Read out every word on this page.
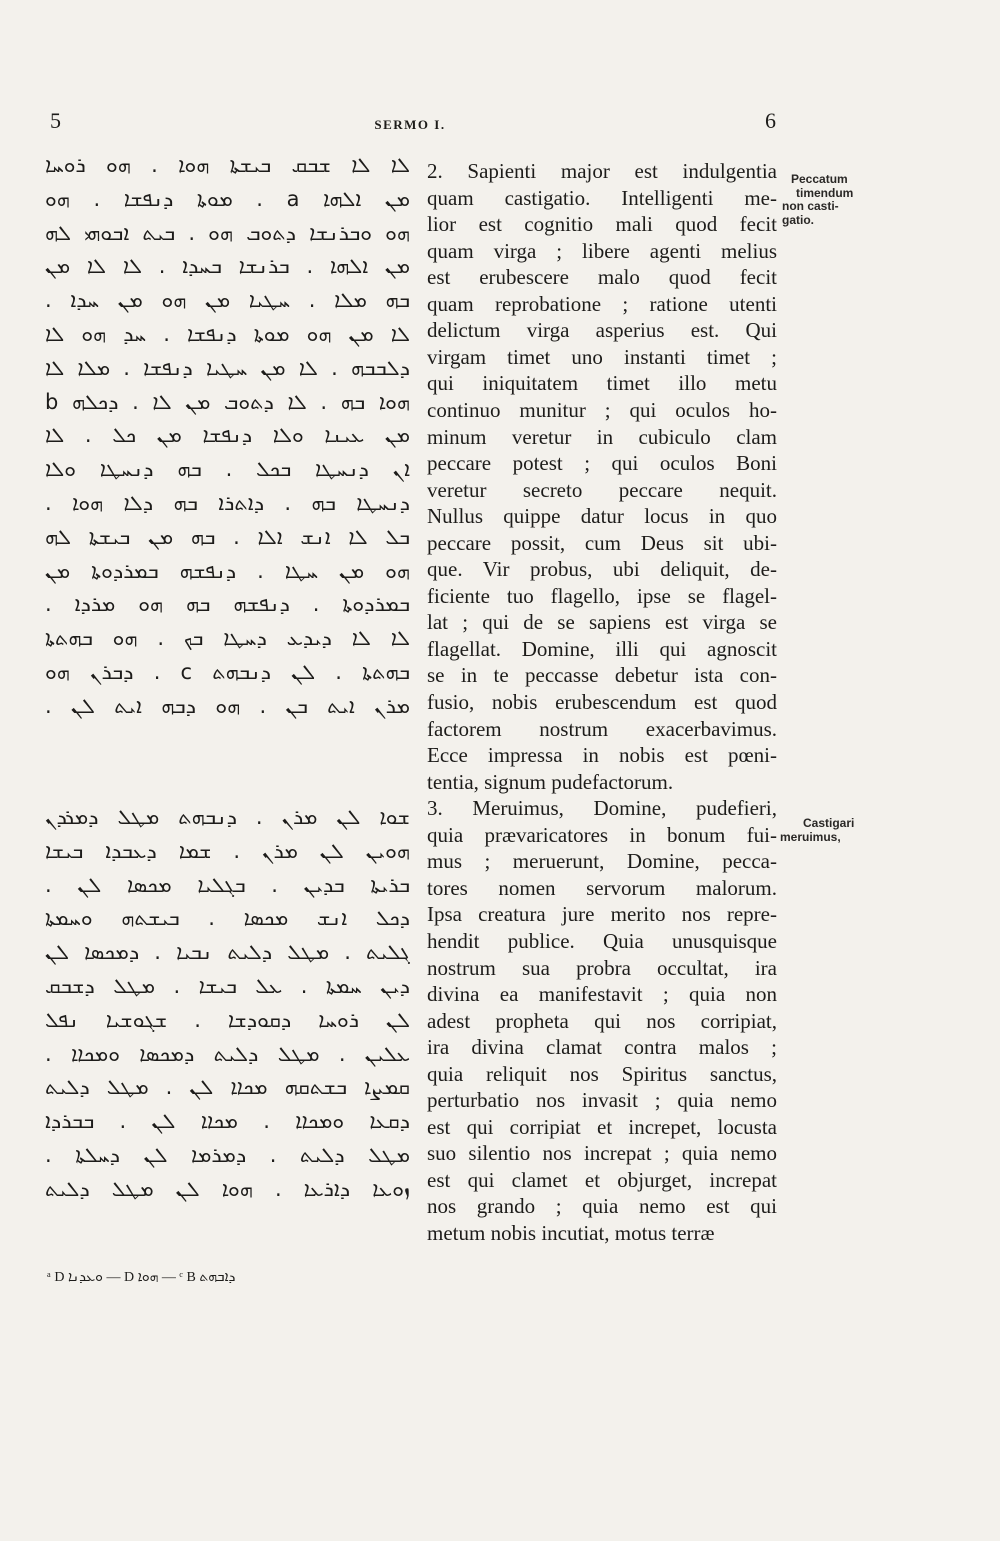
5	SERMO I.	6
ܠܐ ܠܐ ܫܒܩ ܒܝܫܬܐ ܗܘܐ . ܗܘ ܪܘܚܐ
ܡܢ ܐܠܗܐ a . ܡܘܬܐ ܕܢܦܫܐ . ܗܘ
ܗܘ ܘܒܪܢܫܐ ܕܬܘܒ ܗܘ . ܒܝܬ ܐܒܘܗܝ ܠܗ
ܡܢ ܐܠܗܐ . ܒܪܢܫܐ ܒܚܕܐ . ܠܐ ܠܐ ܡܢ
ܒܗ ܡܠܐ . ܚܛܝܐ ܡܢ ܗܘ ܡܢ ܚܕܐ .
ܠܐ ܡܢ ܗܘ ܡܘܬܐ ܕܢܦܫܐ . ܚܕ ܗܘ ܠܐ
ܕܠܒܒܗ . ܠܐ ܡܢ ܚܛܝܐ ܕܢܦܫܐ . ܡܠܐ ܠܐ
ܗܘܐ ܒܗ . ܠܐ ܕܬܘܒ ܡܢ ܠܐ . ܕܟܠܗ b
ܡܢ ܥܝܢܐ ܘܠܐ ܕܢܦܫܐ ܡܢ ܟܠ . ܠܐ
ܐܢ ܕܢܚܛܐ ܒܟܠ . ܒܗ ܕܢܚܛܐ ܘܠܐ
ܕܢܚܛܐ ܒܗ . ܕܐܬܪܐ ܒܗ ܕܠܐ ܗܘܐ .
ܒܠ ܠܐ ܐܢܫ ܐܠܐ . ܒܗ ܡܢ ܒܝܫܬܐ ܠܗ
ܗܘ ܡܢ ܚܛܐ . ܕܢܦܫܗ ܒܡܪܕܘܬܐ ܡܢ
ܒܡܪܕܘܬܐ . ܕܢܦܫܗ ܒܗ ܗܘ ܡܪܕܐ .
ܠܐ ܠܐ ܕܝܕܥ ܕܚܛܐ ܒܟ . ܗܘ ܒܗܬܬܐ
ܒܗܬܬܐ . ܠܢ ܕܢܒܗܬ c . ܕܒܪܢ ܗܘ
ܡܪܢ ܐܝܬ ܒܢ . ܗܘ ܕܒܗ ܐܝܬ ܠܢ .
ܫܘܐ ܠܢ ܡܪܢ . ܕܢܒܗܬ ܡܛܠ ܕܡܪܕܢ
ܗܘܝܢ ܠܢ ܡܪܢ . ܫܡܐ ܕܥܒܕܐ ܒܝܫܐ
ܒܪܝܬܐ ܒܕܝܢ . ܒܓܠܝܐ ܡܟܣܐ ܠܢ .
ܕܟܠ ܐܢܫ ܡܟܣܐ . ܒܝܫܬܗ ܘܚܡܬܐ
ܓܠܝܬ . ܡܛܠ ܕܠܝܬ ܢܒܝܐ . ܕܡܟܣܐ ܠܢ
ܕܝܢ ܚܡܬܐ . ܥܠ ܒܝܫܐ . ܡܛܠ ܕܫܒܩ
ܠܢ ܪܘܚܐ ܕܩܘܕܫܐ . ܫܓܘܫܝܐ ܢܦܠ
ܥܠܝܢ . ܡܛܠ ܕܠܝܬ ܕܡܟܣܐ ܘܡܟܐܐ .
ܩܡܨܐ ܒܫܬܩܗ ܡܟܐܐ ܠܢ . ܡܛܠ ܕܠܝܬ
ܕܩܥܐ ܘܡܟܐܐ . ܡܟܐܐ ܠܢ . ܒܒܪܕܐ
ܡܛܠ ܕܠܝܬ . ܕܡܪܡܐ ܠܢ ܕܚܠܬܐ .
ܙܘܥܐ ܕܐܪܥܐ . ܗܘܐ ܠܢ ܡܛܠ ܕܠܝܬ
ᵃ D ܘܥܕܢܐ — D ܗܘܐ — ᶜ B ܕܐܒܗܬ
2. Sapienti major est indulgentia
quam castigatio. Intelligenti me-
lior est cognitio mali quod fecit
quam virga ; libere agenti melius
est erubescere malo quod fecit
quam reprobatione ; ratione utenti
delictum virga asperius est. Qui
virgam timet uno instanti timet ;
qui iniquitatem timet illo metu
continuo munitur ; qui oculos ho-
minum veretur in cubiculo clam
peccare potest ; qui oculos Boni
veretur secreto peccare nequit.
Nullus quippe datur locus in quo
peccare possit, cum Deus sit ubi-
que. Vir probus, ubi deliquit, de-
ficiente tuo flagello, ipse se flagel-
lat ; qui de se sapiens est virga se
flagellat. Domine, illi qui agnoscit
se in te peccasse debetur ista con-
fusio, nobis erubescendum est quod
factorem nostrum exacerbavimus.
Ecce impressa in nobis est pœni-
tentia, signum pudefactorum.
3. Meruimus, Domine, pudefieri,
quia prævaricatores in bonum fui-
mus ; meruerunt, Domine, pecca-
tores nomen servorum malorum.
Ipsa creatura jure merito nos repre-
hendit publice. Quia unusquisque
nostrum sua probra occultat, ira
divina ea manifestavit ; quia non
adest propheta qui nos corripiat,
ira divina clamat contra malos ;
quia reliquit nos Spiritus sanctus,
perturbatio nos invasit ; quia nemo
est qui corripiat et increpet, locusta
suo silentio nos increpat ; quia nemo
est qui clamet et objurget, increpat
nos grando ; quia nemo est qui
metum nobis incutiat, motus terræ
Peccatum
timendum
non casti-
gatio.
Castigari
meruimus,
